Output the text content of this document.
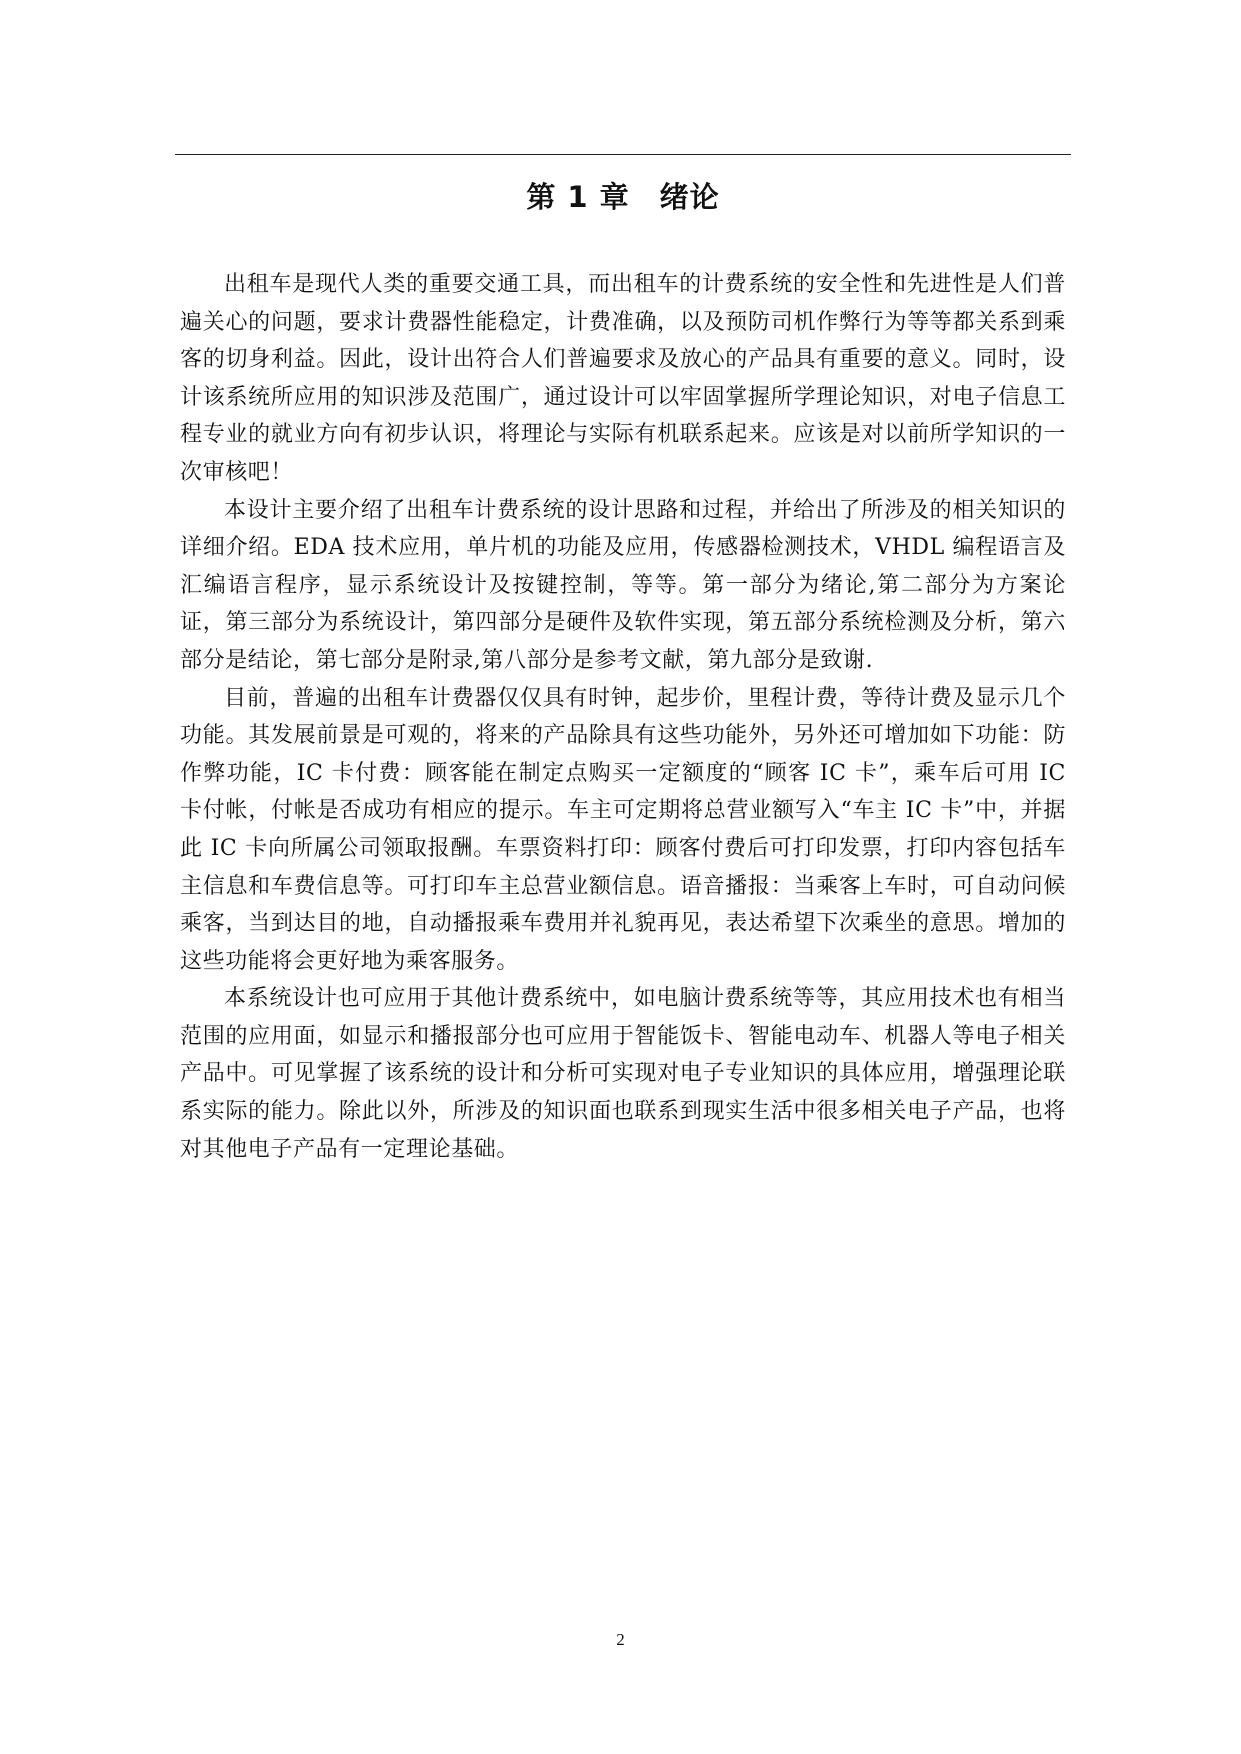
第 1 章　绪论

出租车是现代人类的重要交通工具，而出租车的计费系统的安全性和先进性是人们普遍关心的问题，要求计费器性能稳定，计费准确，以及预防司机作弊行为等等都关系到乘客的切身利益。因此，设计出符合人们普遍要求及放心的产品具有重要的意义。同时，设计该系统所应用的知识涉及范围广，通过设计可以牢固掌握所学理论知识，对电子信息工程专业的就业方向有初步认识，将理论与实际有机联系起来。应该是对以前所学知识的一次审核吧！

本设计主要介绍了出租车计费系统的设计思路和过程，并给出了所涉及的相关知识的详细介绍。EDA 技术应用，单片机的功能及应用，传感器检测技术，VHDL 编程语言及汇编语言程序，显示系统设计及按键控制，等等。第一部分为绪论,第二部分为方案论证，第三部分为系统设计，第四部分是硬件及软件实现，第五部分系统检测及分析，第六部分是结论，第七部分是附录,第八部分是参考文献，第九部分是致谢.

目前，普遍的出租车计费器仅仅具有时钟，起步价，里程计费，等待计费及显示几个功能。其发展前景是可观的，将来的产品除具有这些功能外，另外还可增加如下功能：防作弊功能，IC 卡付费：顾客能在制定点购买一定额度的“顾客 IC 卡”，乘车后可用 IC 卡付帐，付帐是否成功有相应的提示。车主可定期将总营业额写入“车主 IC 卡”中，并据此 IC 卡向所属公司领取报酬。车票资料打印：顾客付费后可打印发票，打印内容包括车主信息和车费信息等。可打印车主总营业额信息。语音播报：当乘客上车时，可自动问候乘客，当到达目的地，自动播报乘车费用并礼貌再见，表达希望下次乘坐的意思。增加的这些功能将会更好地为乘客服务。

本系统设计也可应用于其他计费系统中，如电脑计费系统等等，其应用技术也有相当范围的应用面，如显示和播报部分也可应用于智能饭卡、智能电动车、机器人等电子相关产品中。可见掌握了该系统的设计和分析可实现对电子专业知识的具体应用，增强理论联系实际的能力。除此以外，所涉及的知识面也联系到现实生活中很多相关电子产品，也将对其他电子产品有一定理论基础。

2
